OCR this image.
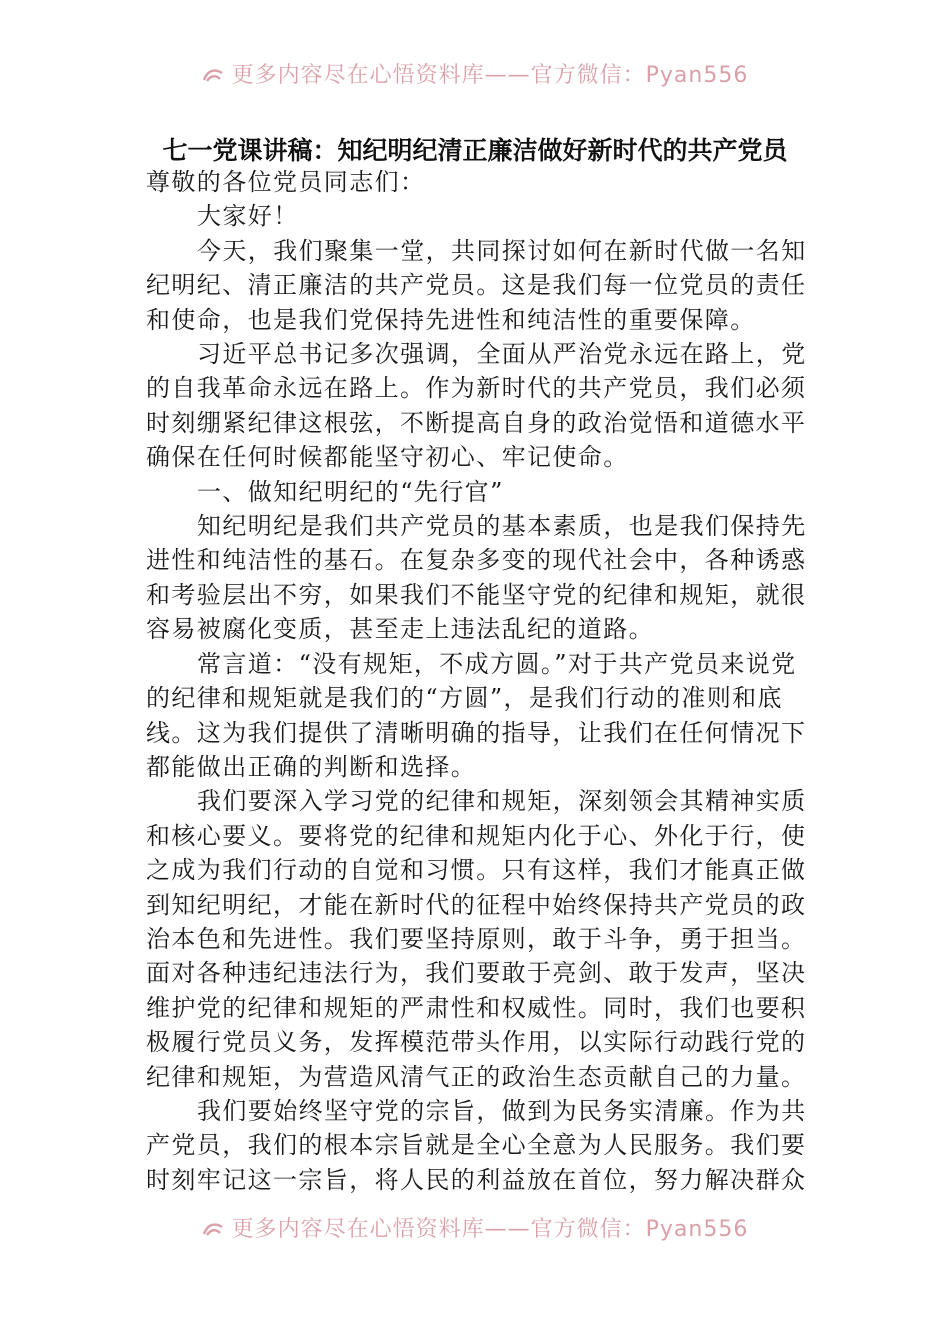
更多内容尽在心悟资料库——官方微信：Pyan556
七一党课讲稿：知纪明纪清正廉洁做好新时代的共产党员

尊敬的各位党员同志们：

大家好！

今天，我们聚集一堂，共同探讨如何在新时代做一名知纪明纪、清正廉洁的共产党员。这是我们每一位党员的责任和使命，也是我们党保持先进性和纯洁性的重要保障。

习近平总书记多次强调，全面从严治党永远在路上，党的自我革命永远在路上。作为新时代的共产党员，我们必须时刻绷紧纪律这根弦，不断提高自身的政治觉悟和道德水平确保在任何时候都能坚守初心、牢记使命。

一、做知纪明纪的“先行官”

知纪明纪是我们共产党员的基本素质，也是我们保持先进性和纯洁性的基石。在复杂多变的现代社会中，各种诱惑和考验层出不穷，如果我们不能坚守党的纪律和规矩，就很容易被腐化变质，甚至走上违法乱纪的道路。

常言道：“没有规矩，不成方圆。”对于共产党员来说党的纪律和规矩就是我们的“方圆”，是我们行动的准则和底线。这为我们提供了清晰明确的指导，让我们在任何情况下都能做出正确的判断和选择。

我们要深入学习党的纪律和规矩，深刻领会其精神实质和核心要义。要将党的纪律和规矩内化于心、外化于行，使之成为我们行动的自觉和习惯。只有这样，我们才能真正做到知纪明纪，才能在新时代的征程中始终保持共产党员的政治本色和先进性。我们要坚持原则，敢于斗争，勇于担当。面对各种违纪违法行为，我们要敢于亮剑、敢于发声，坚决维护党的纪律和规矩的严肃性和权威性。同时，我们也要积极履行党员义务，发挥模范带头作用，以实际行动践行党的纪律和规矩，为营造风清气正的政治生态贡献自己的力量。

我们要始终坚守党的宗旨，做到为民务实清廉。作为共产党员，我们的根本宗旨就是全心全意为人民服务。我们要时刻牢记这一宗旨，将人民的利益放在首位，努力解决群众

更多内容尽在心悟资料库——官方微信：Pyan556
